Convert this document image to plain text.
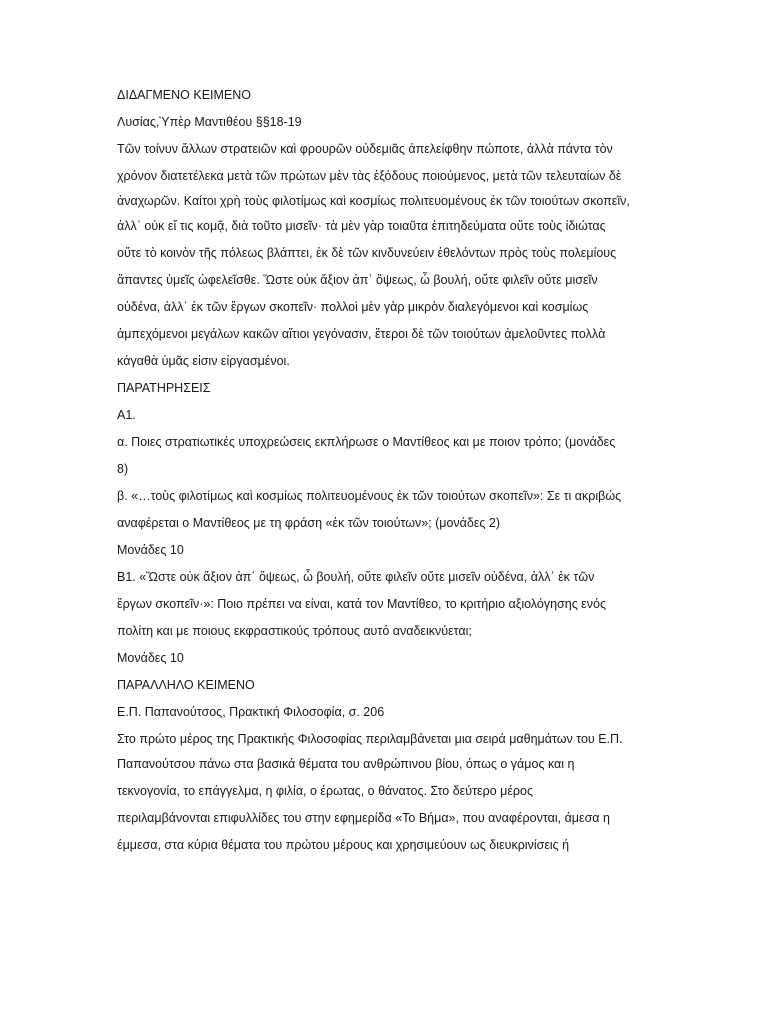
ΔΙΔΑΓΜΕΝΟ ΚΕΙΜΕΝΟ

Λυσίας,Ὑπὲρ Μαντιθέου §§18-19

Τῶν τοίνυν ἄλλων στρατειῶν καὶ φρουρῶν οὐδεμιᾶς ἀπελείφθην πώποτε, ἀλλὰ πάντα τὸν

χρόνον διατετέλεκα μετὰ τῶν πρώτων μὲν τὰς ἐξόδους ποιούμενος, μετὰ τῶν τελευταίων δὲ

ἀναχωρῶν. Καίτοι χρὴ τοὺς φιλοτίμως καὶ κοσμίως πολιτευομένους ἐκ τῶν τοιούτων σκοπεῖν,

ἀλλ᾽ οὐκ εἴ τις κομᾷ, διὰ τοῦτο μισεῖν· τὰ μὲν γὰρ τοιαῦτα ἐπιτηδεύματα οὔτε τοὺς ἰδιώτας

οὔτε τὸ κοινὸν τῆς πόλεως βλάπτει, ἐκ δὲ τῶν κινδυνεύειν ἐθελόντων πρὸς τοὺς πολεμίους

ἅπαντες ὑμεῖς ὠφελεῖσθε. Ὥστε οὐκ ἄξιον ἀπ᾽ ὄψεως, ὦ βουλή, οὔτε φιλεῖν οὔτε μισεῖν

οὐδένα, ἀλλ᾽ ἐκ τῶν ἔργων σκοπεῖν· πολλοὶ μὲν γὰρ μικρὸν διαλεγόμενοι καὶ κοσμίως

ἀμπεχόμενοι μεγάλων κακῶν αἴτιοι γεγόνασιν, ἕτεροι δὲ τῶν τοιούτων ἀμελοῦντες πολλὰ

κἀγαθὰ ὑμᾶς εἰσιν εἰργασμένοι.

ΠΑΡΑΤΗΡΗΣΕΙΣ

Α1.

α. Ποιες στρατιωτικές υποχρεώσεις εκπλήρωσε ο Μαντίθεος και με ποιον τρόπο; (μονάδες

8)

β. «…τοὺς φιλοτίμως καὶ κοσμίως πολιτευομένους ἐκ τῶν τοιούτων σκοπεῖν»: Σε τι ακριβώς

αναφέρεται ο Μαντίθεος με τη φράση «ἐκ τῶν τοιούτων»; (μονάδες 2)

Μονάδες 10

Β1. «Ὥστε οὐκ ἄξιον ἀπ᾽ ὄψεως, ὦ βουλή, οὔτε φιλεῖν οὔτε μισεῖν οὐδένα, ἀλλ᾽ ἐκ τῶν

ἔργων σκοπεῖν·»: Ποιο πρέπει να είναι, κατά τον Μαντίθεο, το κριτήριο αξιολόγησης ενός

πολίτη και με ποιους εκφραστικούς τρόπους αυτό αναδεικνύεται;

Μονάδες 10

ΠΑΡΑΛΛΗΛΟ ΚΕΙΜΕΝΟ

Ε.Π. Παπανούτσος, Πρακτική Φιλοσοφία, σ. 206

Στο πρώτο μέρος της Πρακτικής Φιλοσοφίας περιλαμβάνεται μια σειρά μαθημάτων του Ε.Π.

Παπανούτσου πάνω στα βασικά θέματα του ανθρώπινου βίου, όπως ο γάμος και η

τεκνογονία, το επάγγελμα, η φιλία, ο έρωτας, ο θάνατος. Στο δεύτερο μέρος

περιλαμβάνονται επιφυλλίδες του στην εφημερίδα «Το Βήμα», που αναφέρονται, άμεσα η

έμμεσα, στα κύρια θέματα του πρώτου μέρους και χρησιμεύουν ως διευκρινίσεις ή
